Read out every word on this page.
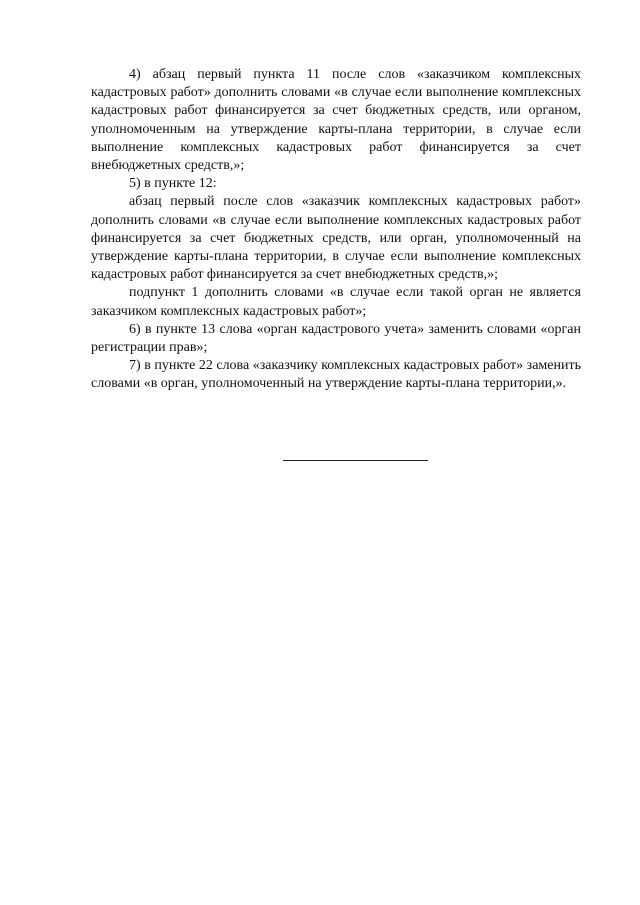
4) абзац первый пункта 11 после слов «заказчиком комплексных кадастровых работ» дополнить словами «в случае если выполнение комплексных кадастровых работ финансируется за счет бюджетных средств, или органом, уполномоченным на утверждение карты-плана территории, в случае если выполнение комплексных кадастровых работ финансируется за счет внебюджетных средств,»;

5) в пункте 12:

абзац первый после слов «заказчик комплексных кадастровых работ» дополнить словами «в случае если выполнение комплексных кадастровых работ финансируется за счет бюджетных средств, или орган, уполномоченный на утверждение карты-плана территории, в случае если выполнение комплексных кадастровых работ финансируется за счет внебюджетных средств,»;

подпункт 1 дополнить словами «в случае если такой орган не является заказчиком комплексных кадастровых работ»;

6) в пункте 13 слова «орган кадастрового учета» заменить словами «орган регистрации прав»;

7) в пункте 22 слова «заказчику комплексных кадастровых работ» заменить словами «в орган, уполномоченный на утверждение карты-плана территории,».
